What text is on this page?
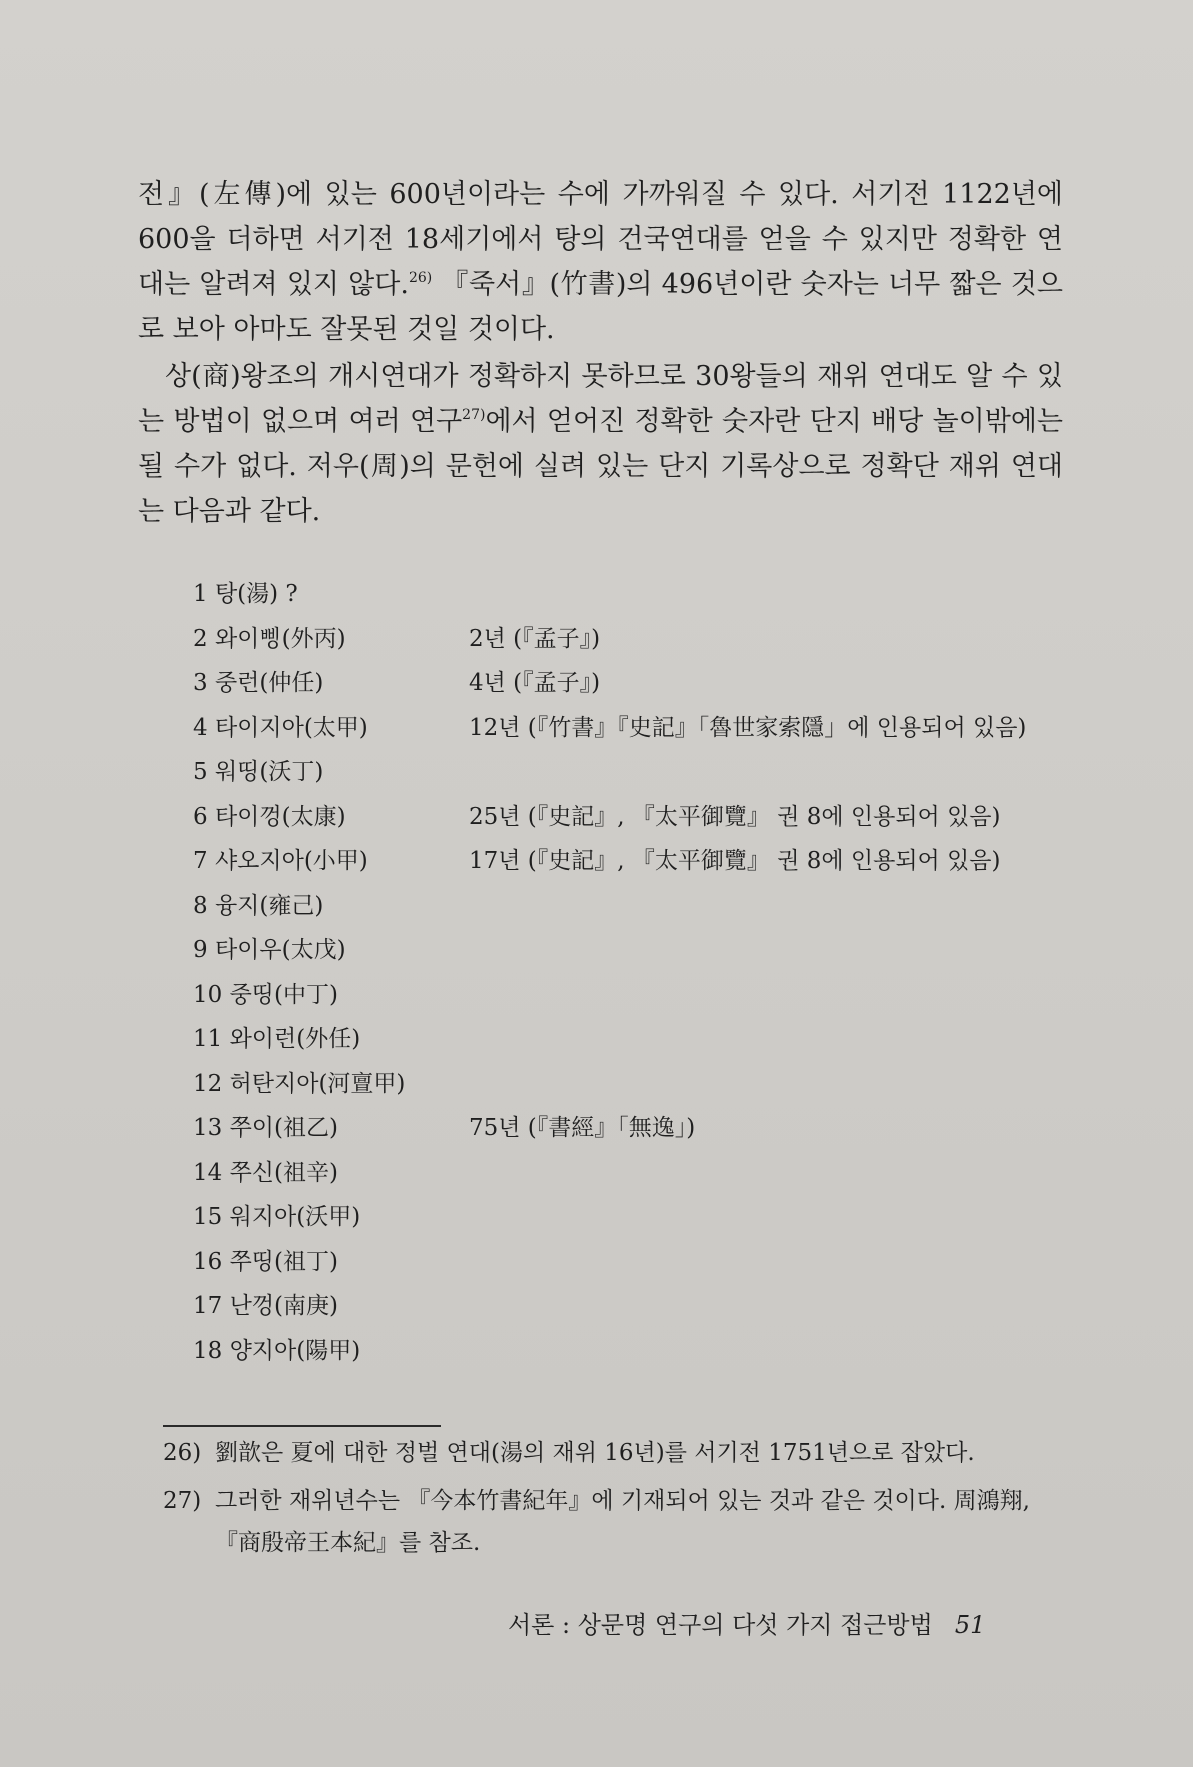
전』(左傳)에 있는 600년이라는 수에 가까워질 수 있다. 서기전 1122년에 600을 더하면 서기전 18세기에서 탕의 건국연대를 얻을 수 있지만 정확한 연대는 알려져 있지 않다.$^{26)}$ 『죽서』(竹書)의 496년이란 숫자는 너무 짧은 것으로 보아 아마도 잘못된 것일 것이다.

상(商)왕조의 개시연대가 정확하지 못하므로 30왕들의 재위 연대도 알 수 있는 방법이 없으며 여러 연구$^{27)}$에서 얻어진 정확한 숫자란 단지 배당 놀이밖에는 될 수가 없다. 저우(周)의 문헌에 실려 있는 단지 기록상으로 정확단 재위 연대는 다음과 같다.

1 탕(湯) ?
2 와이삥(外丙)	2년 (『孟子』)
3 중런(仲任)	4년 (『孟子』)
4 타이지아(太甲)	12년 (『竹書』『史記』「魯世家索隱」에 인용되어 있음)
5 워띵(沃丁)
6 타이껑(太康)	25년 (『史記』, 『太平御覽』 권 8에 인용되어 있음)
7 샤오지아(小甲)	17년 (『史記』, 『太平御覽』 권 8에 인용되어 있음)
8 융지(雍己)
9 타이우(太戊)
10 중띵(中丁)
11 와이런(外任)
12 허탄지아(河亶甲)
13 쭈이(祖乙)	75년 (『書經』「無逸」)
14 쭈신(祖辛)
15 워지아(沃甲)
16 쭈띵(祖丁)
17 난껑(南庚)
18 양지아(陽甲)
26) 劉歆은 夏에 대한 정벌 연대(湯의 재위 16년)를 서기전 1751년으로 잡았다.
27) 그러한 재위년수는 『今本竹書紀年』에 기재되어 있는 것과 같은 것이다. 周鴻翔, 『商殷帝王本紀』를 참조.
서론 : 상문명 연구의 다섯 가지 접근방법 51
